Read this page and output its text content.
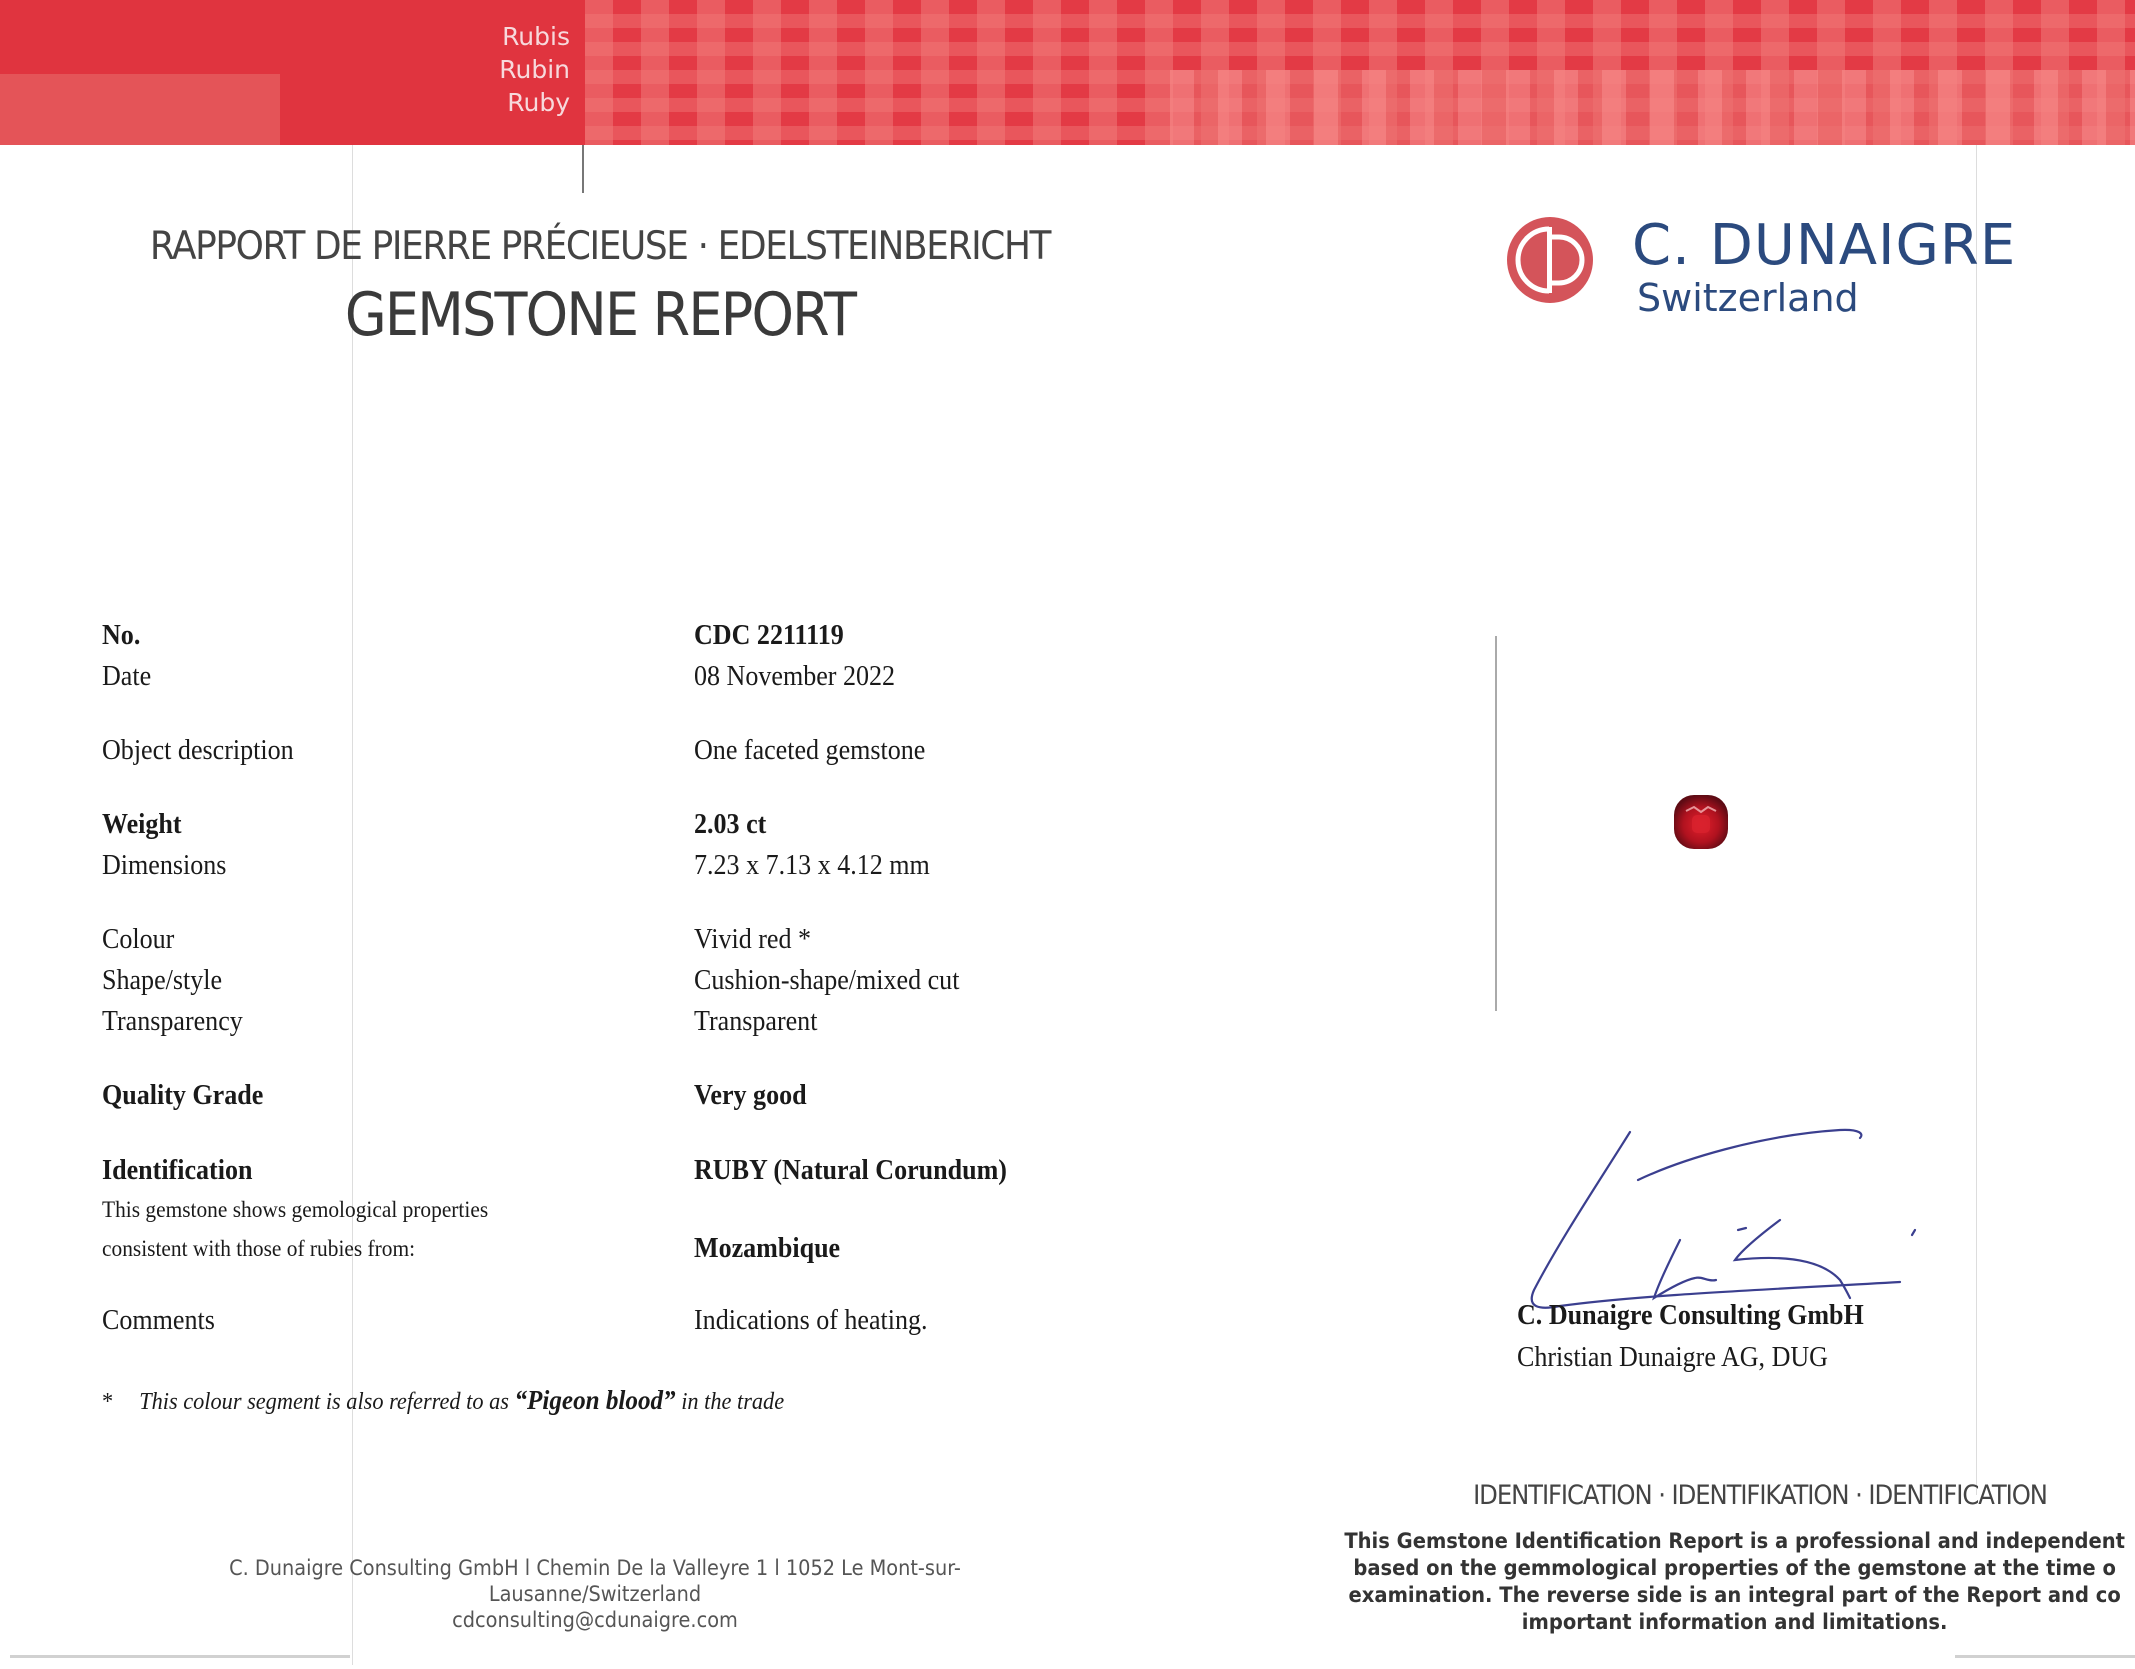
Rubis
Rubin
Ruby
RAPPORT DE PIERRE PRÉCIEUSE · EDELSTEINBERICHT
GEMSTONE REPORT
C. DUNAIGRE
Switzerland
No.	CDC 2211119
Date	08 November 2022
Object description	One faceted gemstone
Weight	2.03 ct
Dimensions	7.23 x 7.13 x 4.12 mm
Colour	Vivid red *
Shape/style	Cushion-shape/mixed cut
Transparency	Transparent
Quality Grade	Very good
Identification	RUBY (Natural Corundum)
This gemstone shows gemological properties
consistent with those of rubies from:	Mozambique
Comments	Indications of heating.
* This colour segment is also referred to as “Pigeon blood” in the trade
C. Dunaigre Consulting GmbH l Chemin De la Valleyre 1 l 1052 Le Mont-sur-Lausanne/Switzerland
cdconsulting@cdunaigre.com
C. Dunaigre Consulting GmbH
Christian Dunaigre AG, DUG
IDENTIFICATION · IDENTIFIKATION · IDENTIFICATION
This Gemstone Identification Report is a professional and independent
based on the gemmological properties of the gemstone at the time o
examination. The reverse side is an integral part of the Report and co
important information and limitations.
